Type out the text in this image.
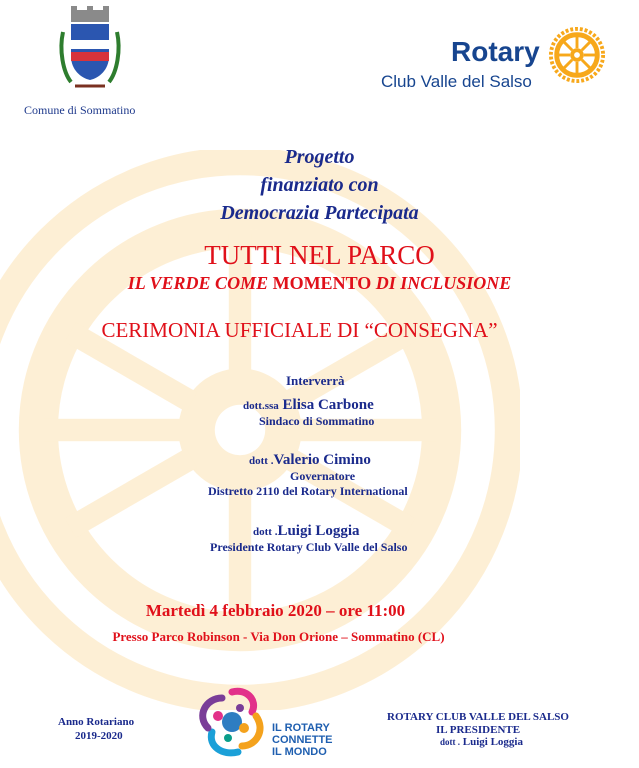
Comune di Sommatino
Rotary
Club Valle del Salso
Progetto
finanziato con
Democrazia Partecipata
TUTTI NEL PARCO
IL VERDE COME MOMENTO DI INCLUSIONE
CERIMONIA UFFICIALE DI “CONSEGNA”
Interverrà
dott.ssa Elisa Carbone
Sindaco di Sommatino
dott .Valerio Cimino
Governatore
Distretto 2110 del Rotary International
dott .Luigi Loggia
Presidente Rotary Club Valle del Salso
Martedì 4 febbraio 2020 – ore 11:00
Presso Parco Robinson - Via Don Orione – Sommatino (CL)
Anno Rotariano
2019-2020
IL ROTARY
CONNETTE
IL MONDO
ROTARY CLUB VALLE DEL SALSO
IL PRESIDENTE
dott . Luigi Loggia
